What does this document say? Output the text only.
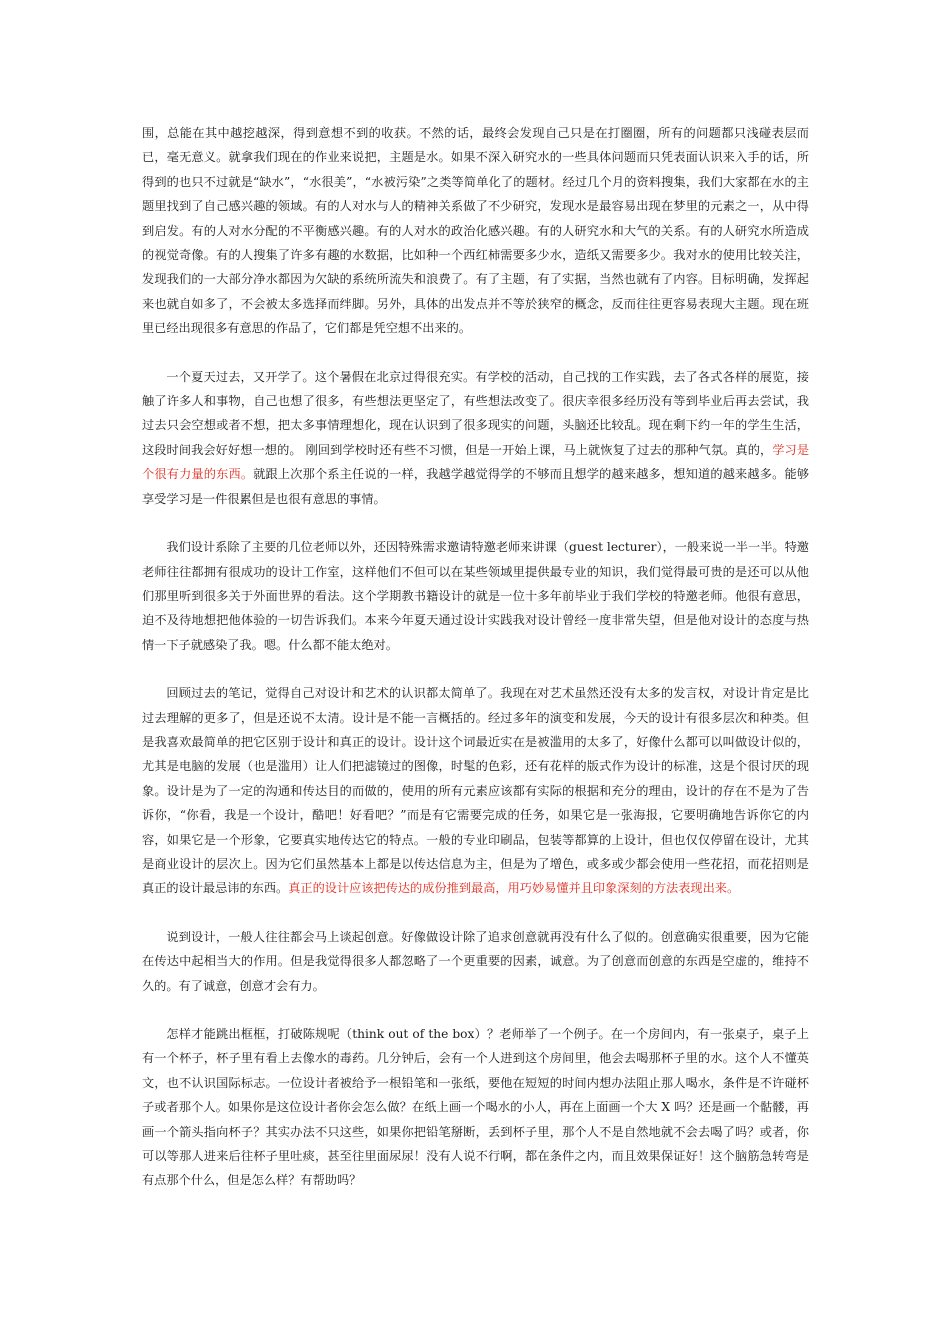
围，总能在其中越挖越深，得到意想不到的收获。不然的话，最终会发现自己只是在打圈圈，所有的问题都只浅碰表层而已，毫无意义。就拿我们现在的作业来说把，主题是水。如果不深入研究水的一些具体问题而只凭表面认识来入手的话，所得到的也只不过就是“缺水”，“水很美”，“水被污染”之类等简单化了的题材。经过几个月的资料搜集，我们大家都在水的主题里找到了自己感兴趣的领域。有的人对水与人的精神关系做了不少研究，发现水是最容易出现在梦里的元素之一，从中得到启发。有的人对水分配的不平衡感兴趣。有的人对水的政治化感兴趣。有的人研究水和大气的关系。有的人研究水所造成的视觉奇像。有的人搜集了许多有趣的水数据，比如种一个西红柿需要多少水，造纸又需要多少。我对水的使用比较关注，发现我们的一大部分净水都因为欠缺的系统所流失和浪费了。有了主题，有了实据，当然也就有了内容。目标明确，发挥起来也就自如多了，不会被太多选择而绊脚。另外，具体的出发点并不等於狭窄的概念，反而往往更容易表现大主题。现在班里已经出现很多有意思的作品了，它们都是凭空想不出来的。

一个夏天过去，又开学了。这个暑假在北京过得很充实。有学校的活动，自己找的工作实践，去了各式各样的展览，接触了许多人和事物，自己也想了很多，有些想法更坚定了，有些想法改变了。很庆幸很多经历没有等到毕业后再去尝试，我过去只会空想或者不想，把太多事情理想化，现在认识到了很多现实的问题，头脑还比较乱。现在剩下约一年的学生生活，这段时间我会好好想一想的。 刚回到学校时还有些不习惯，但是一开始上课，马上就恢复了过去的那种气氛。真的，学习是个很有力量的东西。就跟上次那个系主任说的一样，我越学越觉得学的不够而且想学的越来越多，想知道的越来越多。能够享受学习是一件很累但是也很有意思的事情。

我们设计系除了主要的几位老师以外，还因特殊需求邀请特邀老师来讲课（guest lecturer），一般来说一半一半。特邀老师往往都拥有很成功的设计工作室，这样他们不但可以在某些领域里提供最专业的知识，我们觉得最可贵的是还可以从他们那里听到很多关于外面世界的看法。这个学期教书籍设计的就是一位十多年前毕业于我们学校的特邀老师。他很有意思，迫不及待地想把他体验的一切告诉我们。本来今年夏天通过设计实践我对设计曾经一度非常失望，但是他对设计的态度与热情一下子就感染了我。嗯。什么都不能太绝对。

回顾过去的笔记，觉得自己对设计和艺术的认识都太简单了。我现在对艺术虽然还没有太多的发言权，对设计肯定是比过去理解的更多了，但是还说不太清。设计是不能一言概括的。经过多年的演变和发展，今天的设计有很多层次和种类。但是我喜欢最简单的把它区别于设计和真正的设计。设计这个词最近实在是被滥用的太多了，好像什么都可以叫做设计似的，尤其是电脑的发展（也是滥用）让人们把滤镜过的图像，时髦的色彩，还有花样的版式作为设计的标准，这是个很讨厌的现象。设计是为了一定的沟通和传达目的而做的，使用的所有元素应该都有实际的根据和充分的理由，设计的存在不是为了告诉你，“你看，我是一个设计，酷吧！好看吧？”而是有它需要完成的任务，如果它是一张海报，它要明确地告诉你它的内容，如果它是一个形象，它要真实地传达它的特点。一般的专业印刷品，包装等都算的上设计，但也仅仅停留在设计，尤其是商业设计的层次上。因为它们虽然基本上都是以传达信息为主，但是为了增色，或多或少都会使用一些花招，而花招则是真正的设计最忌讳的东西。真正的设计应该把传达的成份推到最高，用巧妙易懂并且印象深刻的方法表现出来。

说到设计，一般人往往都会马上谈起创意。好像做设计除了追求创意就再没有什么了似的。创意确实很重要，因为它能在传达中起相当大的作用。但是我觉得很多人都忽略了一个更重要的因素，诚意。为了创意而创意的东西是空虚的，维持不久的。有了诚意，创意才会有力。

怎样才能跳出框框，打破陈规呢（think out of the box）？老师举了一个例子。在一个房间内，有一张桌子，桌子上有一个杯子，杯子里有看上去像水的毒药。几分钟后，会有一个人进到这个房间里，他会去喝那杯子里的水。这个人不懂英文，也不认识国际标志。一位设计者被给予一根铅笔和一张纸，要他在短短的时间内想办法阻止那人喝水，条件是不许碰杯子或者那个人。如果你是这位设计者你会怎么做？在纸上画一个喝水的小人，再在上面画一个大 X 吗？还是画一个骷髅，再画一个箭头指向杯子？其实办法不只这些，如果你把铅笔掰断，丢到杯子里，那个人不是自然地就不会去喝了吗？或者，你可以等那人进来后往杯子里吐痰，甚至往里面尿尿！没有人说不行啊，都在条件之内，而且效果保证好！这个脑筋急转弯是有点那个什么，但是怎么样？有帮助吗？
